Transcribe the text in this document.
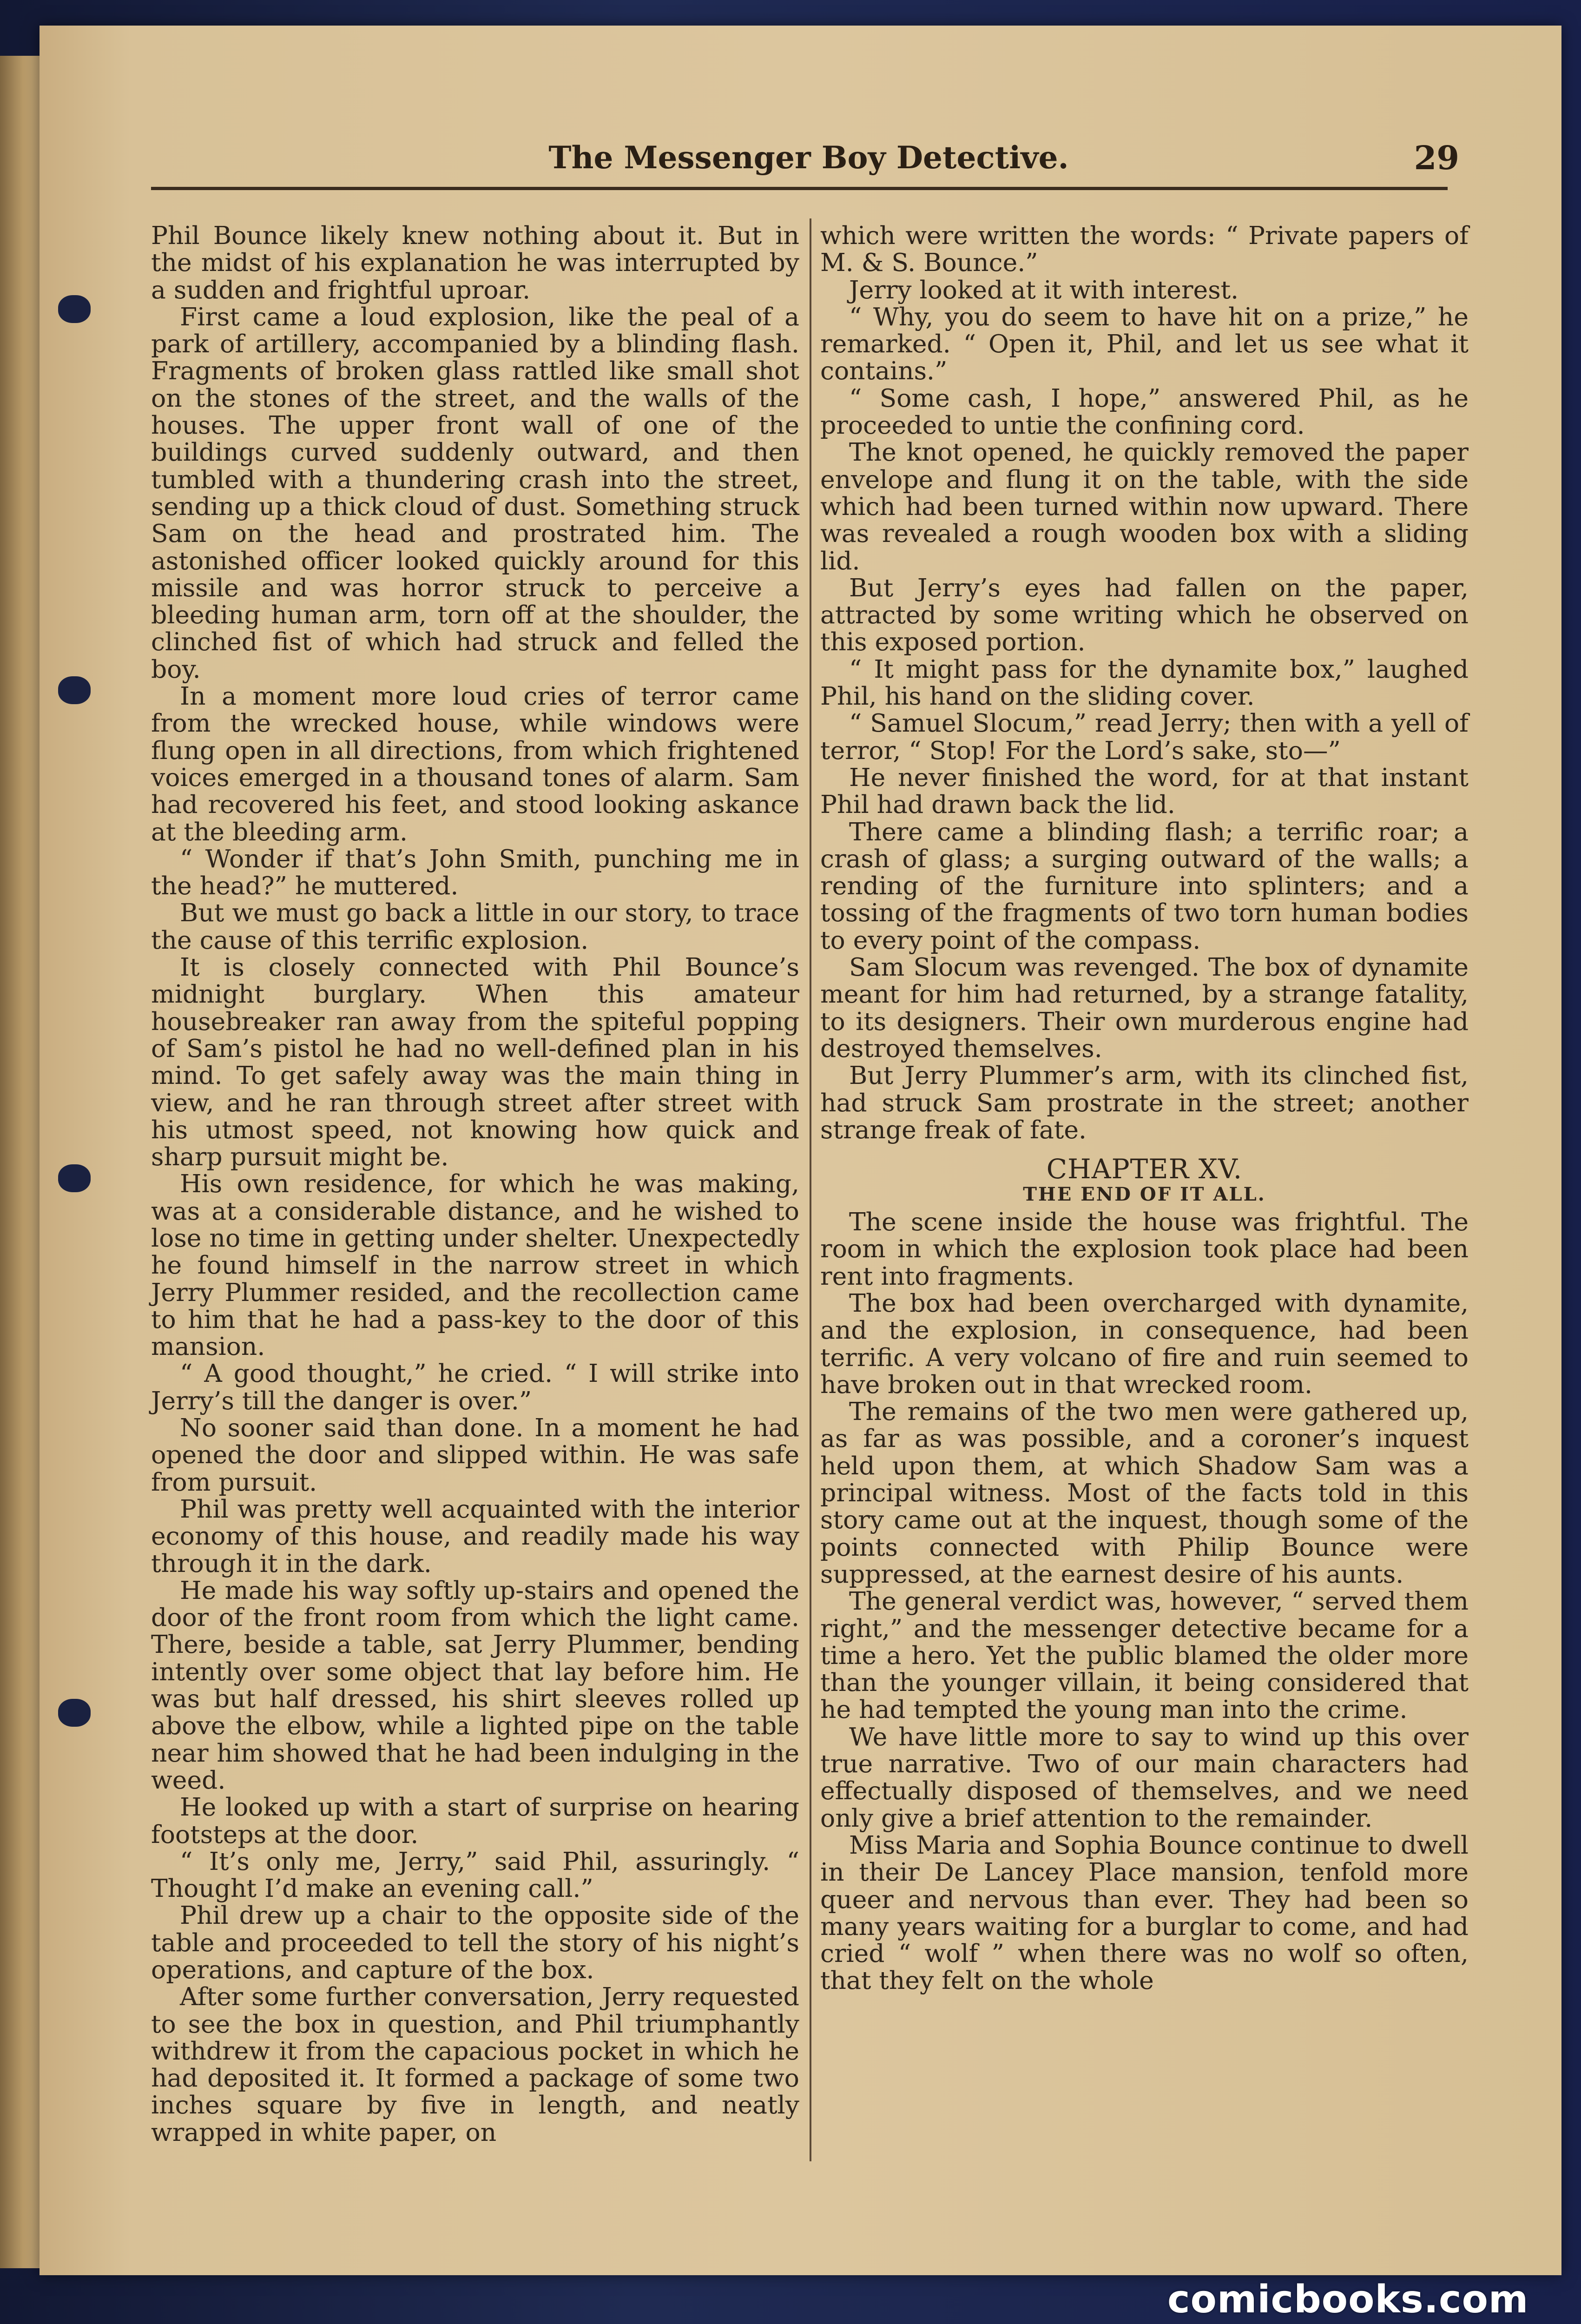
The Messenger Boy Detective.	29

Phil Bounce likely knew nothing about it. But in the midst of his explanation he was interrupted by a sudden and frightful uproar.

First came a loud explosion, like the peal of a park of artillery, accompanied by a blinding flash. Fragments of broken glass rattled like small shot on the stones of the street, and the walls of the houses. The upper front wall of one of the buildings curved suddenly outward, and then tumbled with a thundering crash into the street, sending up a thick cloud of dust. Something struck Sam on the head and prostrated him. The astonished officer looked quickly around for this missile and was horror struck to perceive a bleeding human arm, torn off at the shoulder, the clinched fist of which had struck and felled the boy.

In a moment more loud cries of terror came from the wrecked house, while windows were flung open in all directions, from which frightened voices emerged in a thousand tones of alarm. Sam had recovered his feet, and stood looking askance at the bleeding arm.

“ Wonder if that’s John Smith, punching me in the head?” he muttered.

But we must go back a little in our story, to trace the cause of this terrific explosion.

It is closely connected with Phil Bounce’s midnight burglary. When this amateur housebreaker ran away from the spiteful popping of Sam’s pistol he had no well-defined plan in his mind. To get safely away was the main thing in view, and he ran through street after street with his utmost speed, not knowing how quick and sharp pursuit might be.

His own residence, for which he was making, was at a considerable distance, and he wished to lose no time in getting under shelter. Unexpectedly he found himself in the narrow street in which Jerry Plummer resided, and the recollection came to him that he had a pass-key to the door of this mansion.

“ A good thought,” he cried. “ I will strike into Jerry’s till the danger is over.”

No sooner said than done. In a moment he had opened the door and slipped within. He was safe from pursuit.

Phil was pretty well acquainted with the interior economy of this house, and readily made his way through it in the dark.

He made his way softly up-stairs and opened the door of the front room from which the light came. There, beside a table, sat Jerry Plummer, bending intently over some object that lay before him. He was but half dressed, his shirt sleeves rolled up above the elbow, while a lighted pipe on the table near him showed that he had been indulging in the weed.

He looked up with a start of surprise on hearing footsteps at the door.

“ It’s only me, Jerry,” said Phil, assuringly. “ Thought I’d make an evening call.”

Phil drew up a chair to the opposite side of the table and proceeded to tell the story of his night’s operations, and capture of the box.

After some further conversation, Jerry requested to see the box in question, and Phil triumphantly withdrew it from the capacious pocket in which he had deposited it. It formed a package of some two inches square by five in length, and neatly wrapped in white paper, on

which were written the words: “ Private papers of M. & S. Bounce.”

Jerry looked at it with interest.

“ Why, you do seem to have hit on a prize,” he remarked. “ Open it, Phil, and let us see what it contains.”

“ Some cash, I hope,” answered Phil, as he proceeded to untie the confining cord.

The knot opened, he quickly removed the paper envelope and flung it on the table, with the side which had been turned within now upward. There was revealed a rough wooden box with a sliding lid.

But Jerry’s eyes had fallen on the paper, attracted by some writing which he observed on this exposed portion.

“ It might pass for the dynamite box,” laughed Phil, his hand on the sliding cover.

“ Samuel Slocum,” read Jerry; then with a yell of terror, “ Stop! For the Lord’s sake, sto—”

He never finished the word, for at that instant Phil had drawn back the lid.

There came a blinding flash; a terrific roar; a crash of glass; a surging outward of the walls; a rending of the furniture into splinters; and a tossing of the fragments of two torn human bodies to every point of the compass.

Sam Slocum was revenged. The box of dynamite meant for him had returned, by a strange fatality, to its designers. Their own murderous engine had destroyed themselves.

But Jerry Plummer’s arm, with its clinched fist, had struck Sam prostrate in the street; another strange freak of fate.

CHAPTER XV.
THE END OF IT ALL.

The scene inside the house was frightful. The room in which the explosion took place had been rent into fragments.

The box had been overcharged with dynamite, and the explosion, in consequence, had been terrific. A very volcano of fire and ruin seemed to have broken out in that wrecked room.

The remains of the two men were gathered up, as far as was possible, and a coroner’s inquest held upon them, at which Shadow Sam was a principal witness. Most of the facts told in this story came out at the inquest, though some of the points connected with Philip Bounce were suppressed, at the earnest desire of his aunts.

The general verdict was, however, “ served them right,” and the messenger detective became for a time a hero. Yet the public blamed the older more than the younger villain, it being considered that he had tempted the young man into the crime.

We have little more to say to wind up this over true narrative. Two of our main characters had effectually disposed of themselves, and we need only give a brief attention to the remainder.

Miss Maria and Sophia Bounce continue to dwell in their De Lancey Place mansion, tenfold more queer and nervous than ever. They had been so many years waiting for a burglar to come, and had cried “ wolf ” when there was no wolf so often, that they felt on the whole

comicbooks.com
